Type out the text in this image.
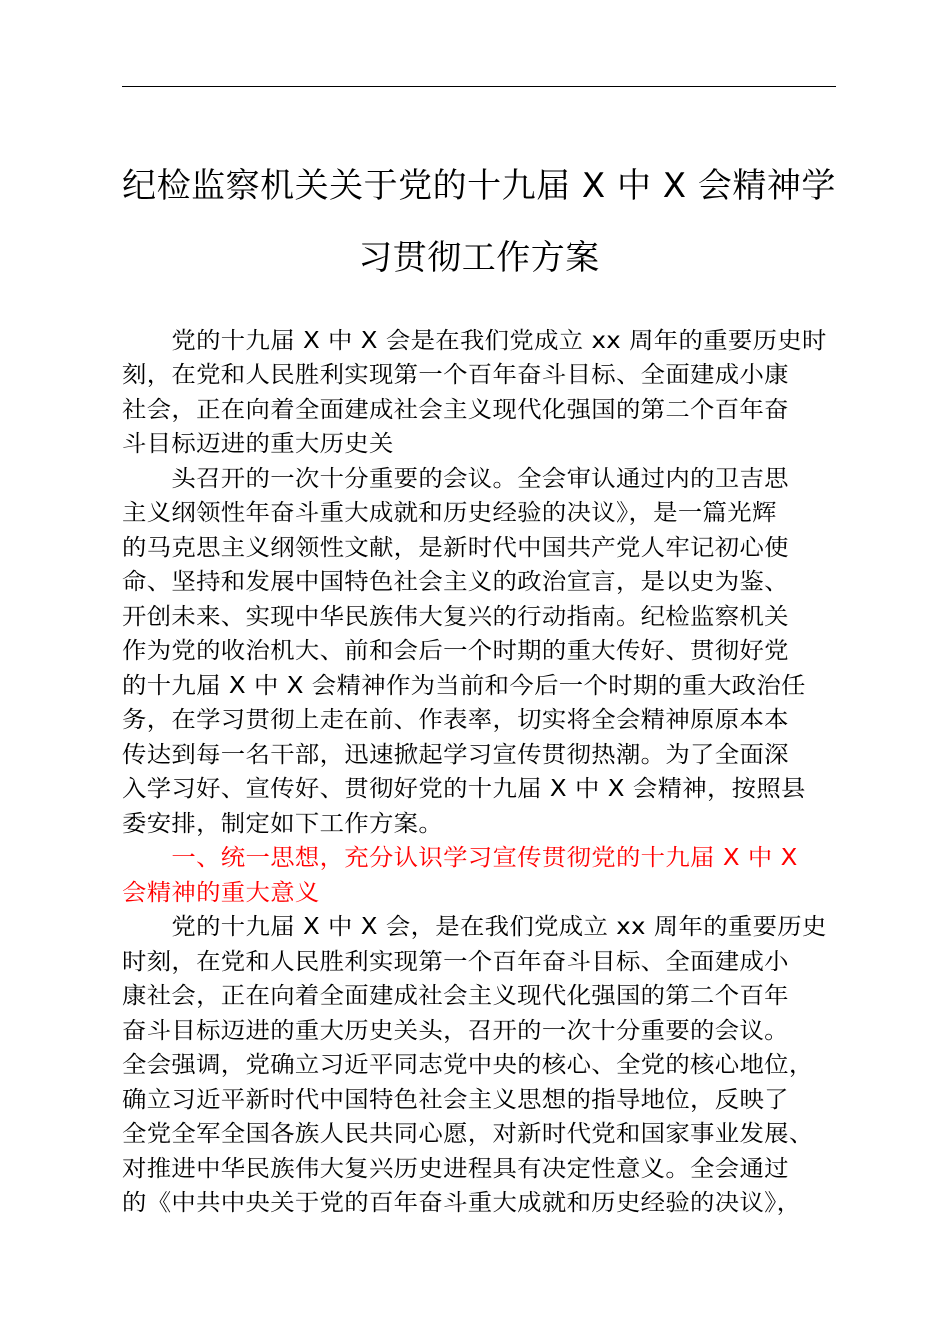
纪检监察机关关于党的十九届 X 中 X 会精神学
习贯彻工作方案
　　党的十九届 X 中 X 会是在我们党成立 xx 周年的重要历史时
刻，在党和人民胜利实现第一个百年奋斗目标、全面建成小康
社会，正在向着全面建成社会主义现代化强国的第二个百年奋
斗目标迈进的重大历史关
　　头召开的一次十分重要的会议。全会审认通过内的卫吉思
主义纲领性年奋斗重大成就和历史经验的决议》，是一篇光辉
的马克思主义纲领性文献，是新时代中国共产党人牢记初心使
命、坚持和发展中国特色社会主义的政治宣言，是以史为鉴、
开创未来、实现中华民族伟大复兴的行动指南。纪检监察机关
作为党的收治机大、前和会后一个时期的重大传好、贯彻好党
的十九届 X 中 X 会精神作为当前和今后一个时期的重大政治任
务，在学习贯彻上走在前、作表率，切实将全会精神原原本本
传达到每一名干部，迅速掀起学习宣传贯彻热潮。为了全面深
入学习好、宣传好、贯彻好党的十九届 X 中 X 会精神，按照县
委安排，制定如下工作方案。
　　一、统一思想，充分认识学习宣传贯彻党的十九届 X 中 X
会精神的重大意义
　　党的十九届 X 中 X 会，是在我们党成立 xx 周年的重要历史
时刻，在党和人民胜利实现第一个百年奋斗目标、全面建成小
康社会，正在向着全面建成社会主义现代化强国的第二个百年
奋斗目标迈进的重大历史关头，召开的一次十分重要的会议。
全会强调，党确立习近平同志党中央的核心、全党的核心地位，
确立习近平新时代中国特色社会主义思想的指导地位，反映了
全党全军全国各族人民共同心愿，对新时代党和国家事业发展、
对推进中华民族伟大复兴历史进程具有决定性意义。全会通过
的《中共中央关于党的百年奋斗重大成就和历史经验的决议》，
